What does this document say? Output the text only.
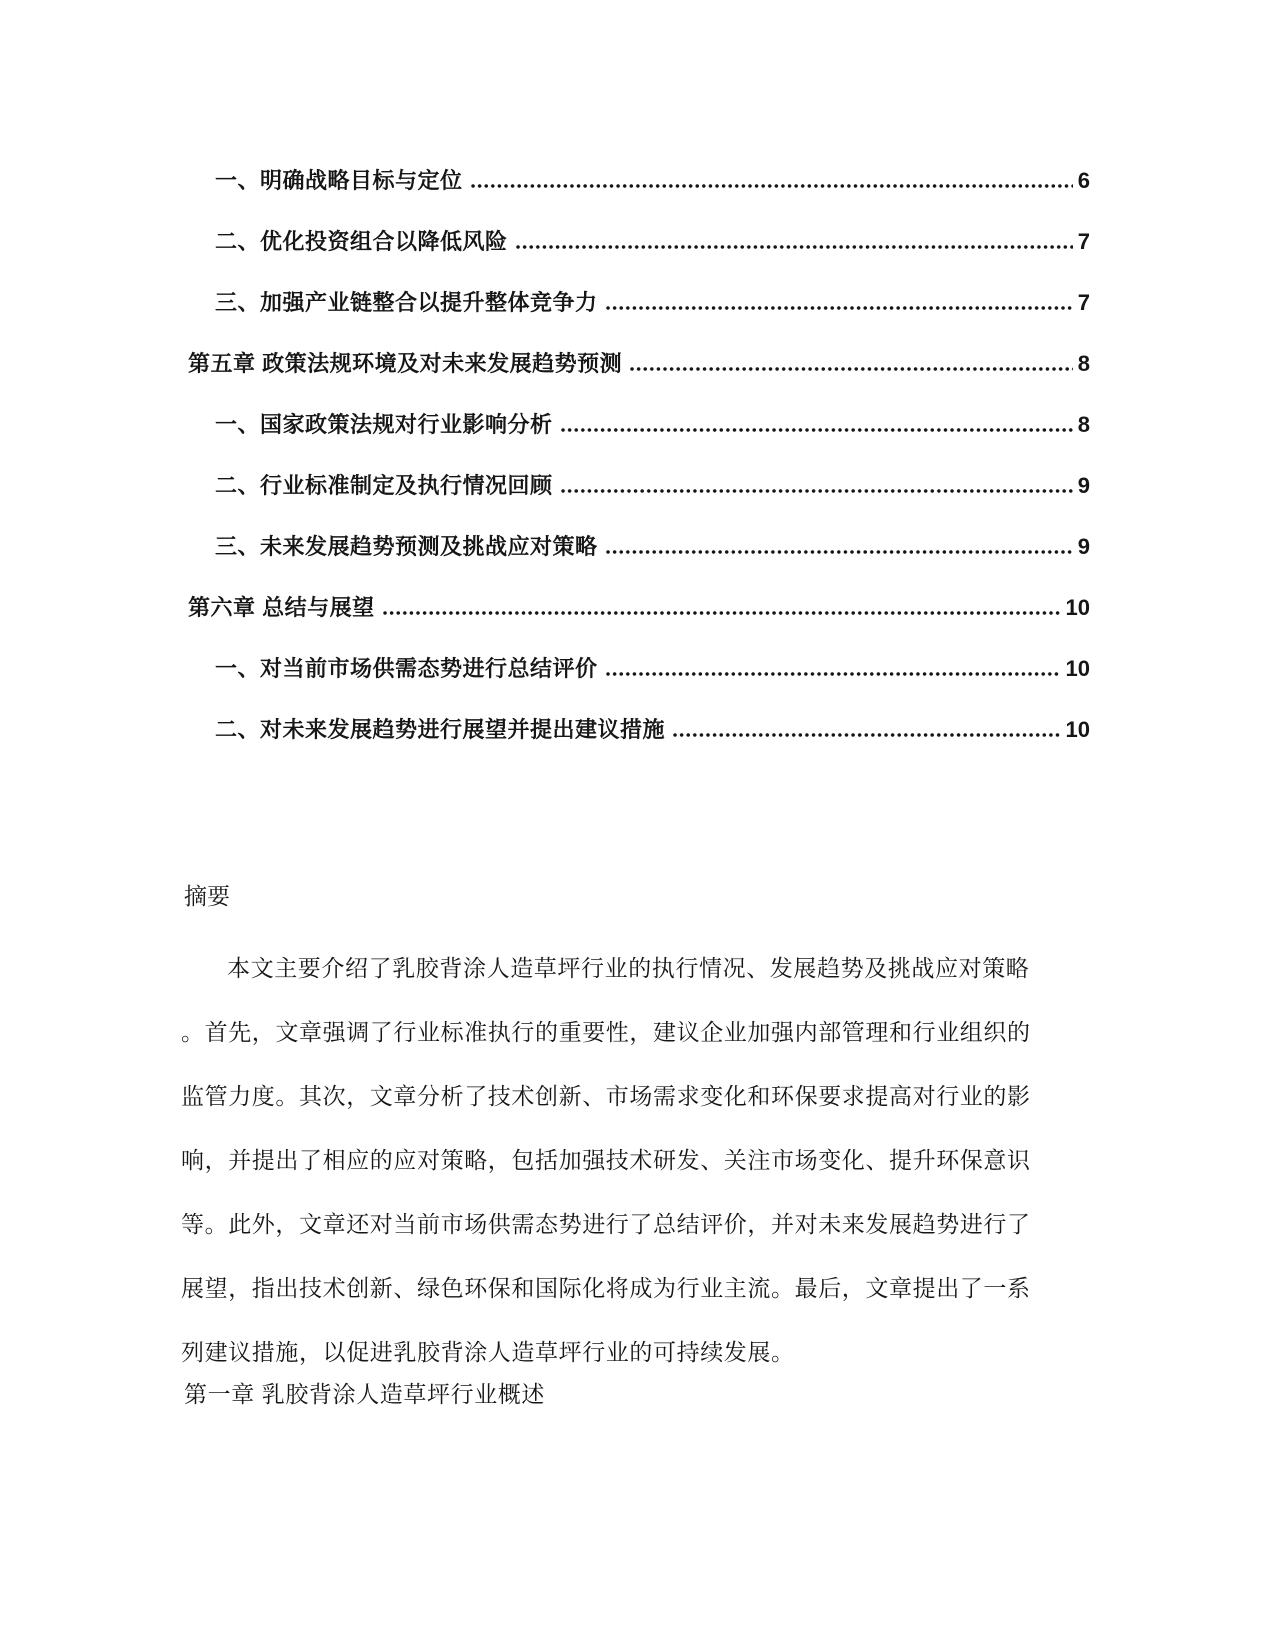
一、明确战略目标与定位	6
二、优化投资组合以降低风险	7
三、加强产业链整合以提升整体竞争力	7
第五章 政策法规环境及对未来发展趋势预测	8
一、国家政策法规对行业影响分析	8
二、行业标准制定及执行情况回顾	9
三、未来发展趋势预测及挑战应对策略	9
第六章 总结与展望	10
一、对当前市场供需态势进行总结评价	10
二、对未来发展趋势进行展望并提出建议措施	10
摘要
本文主要介绍了乳胶背涂人造草坪行业的执行情况、发展趋势及挑战应对策略
。首先，文章强调了行业标准执行的重要性，建议企业加强内部管理和行业组织的
监管力度。其次，文章分析了技术创新、市场需求变化和环保要求提高对行业的影
响，并提出了相应的应对策略，包括加强技术研发、关注市场变化、提升环保意识
等。此外，文章还对当前市场供需态势进行了总结评价，并对未来发展趋势进行了
展望，指出技术创新、绿色环保和国际化将成为行业主流。最后，文章提出了一系
列建议措施，以促进乳胶背涂人造草坪行业的可持续发展。
第一章 乳胶背涂人造草坪行业概述
